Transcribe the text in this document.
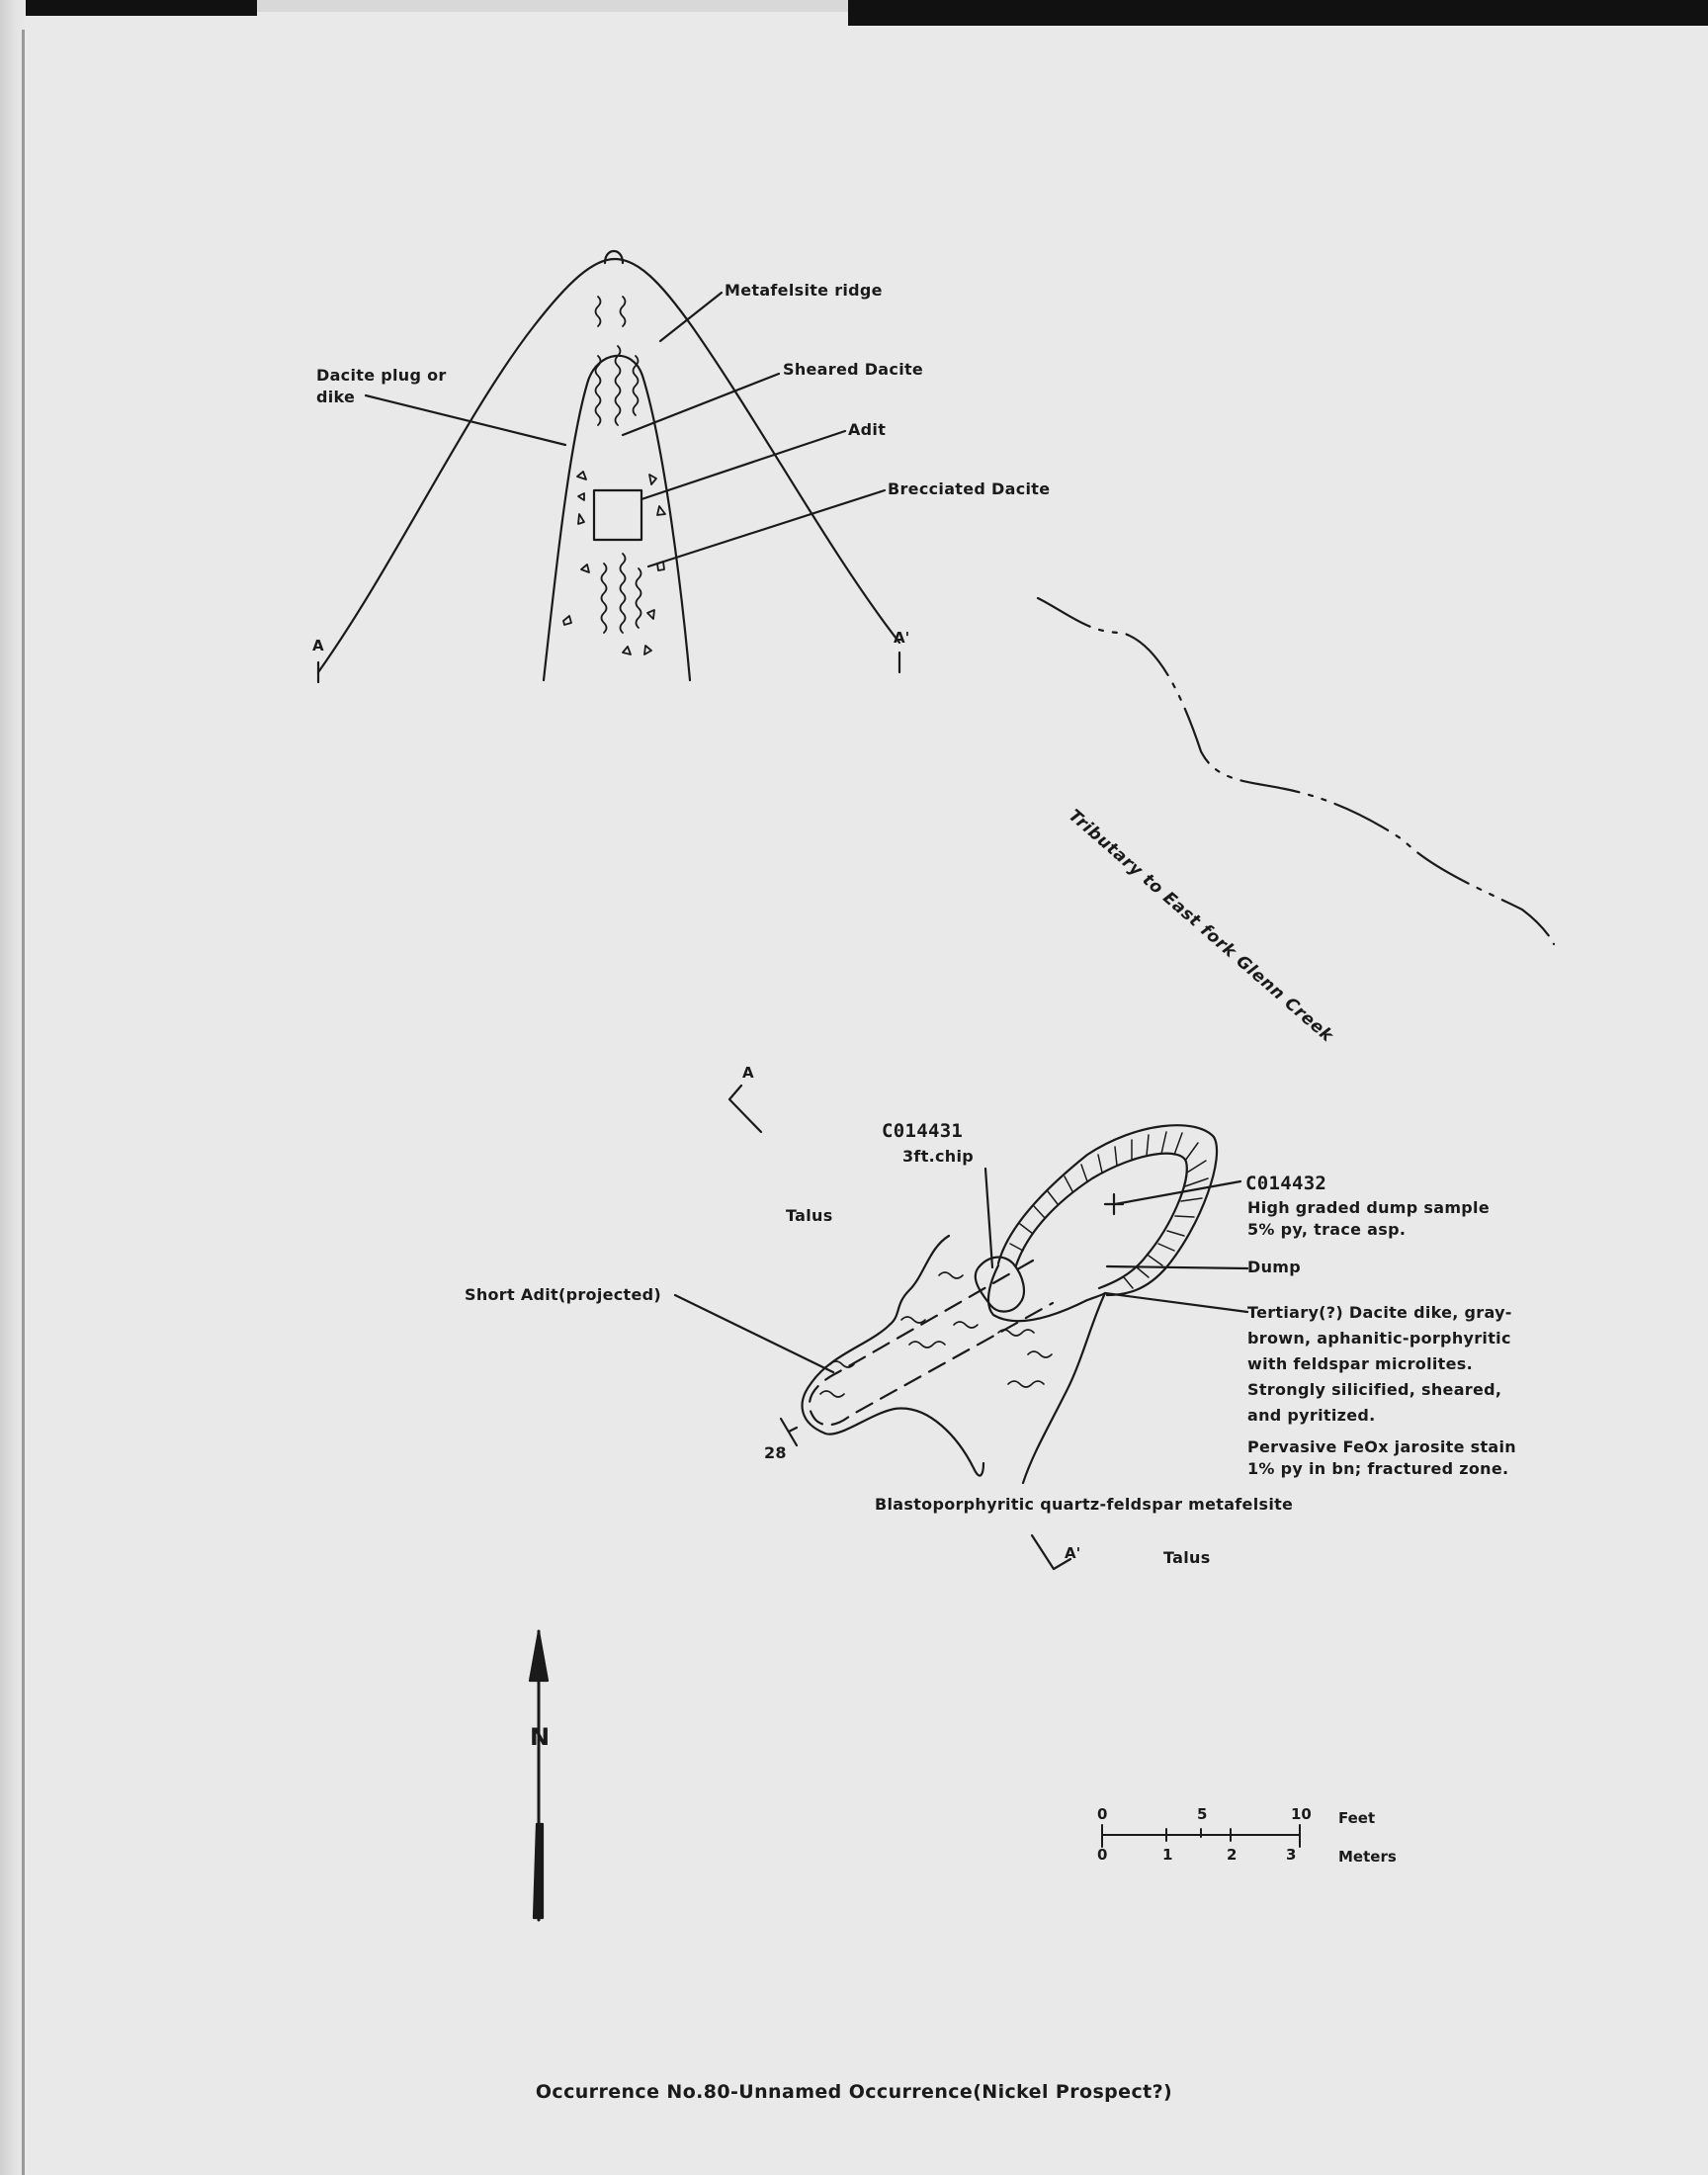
Metafelsite ridge
Sheared Dacite
Dacite plug or
dike
Adit
Brecciated Dacite
A	A'
Tributary to East fork Glenn Creek
A
A'
C014431
3ft.chip
C014432
High graded dump sample
5% py, trace asp.
Dump
Tertiary(?) Dacite dike, gray-
brown, aphanitic-porphyritic
with feldspar microlites.
Strongly silicified, sheared,
and pyritized.
Pervasive FeOx jarosite stain
1% py in bn; fractured zone.
Talus
Talus
Short Adit(projected)
28
Blastoporphyritic quartz-feldspar metafelsite
N
0	5	10 Feet
0	1	2	3	Meters
Occurrence No.80-Unnamed Occurrence(Nickel Prospect?)
